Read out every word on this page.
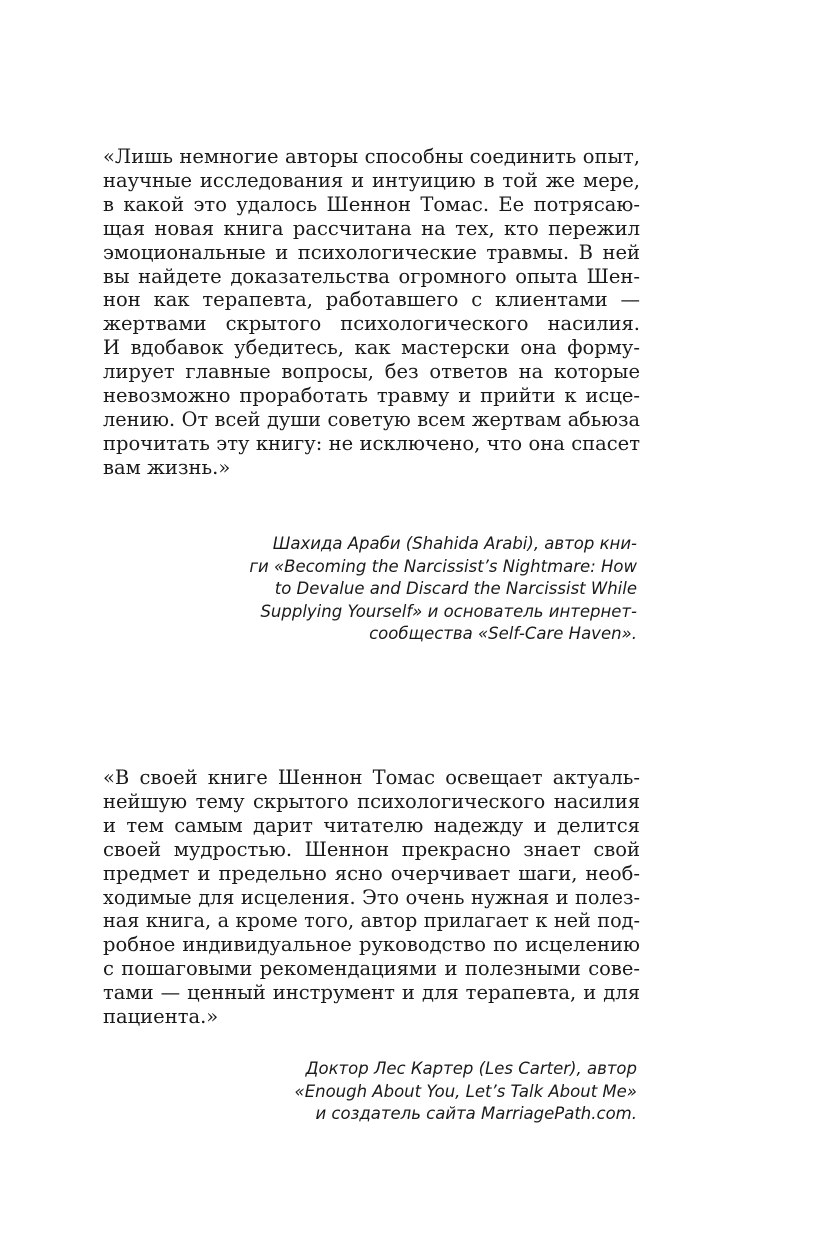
«Лишь немногие авторы способны соединить опыт,
научные исследования и интуицию в той же мере,
в какой это удалось Шеннон Томас. Ее потрясаю-
щая новая книга рассчитана на тех, кто пережил
эмоциональные и психологические травмы. В ней
вы найдете доказательства огромного опыта Шен-
нон как терапевта, работавшего с клиентами —
жертвами скрытого психологического насилия.
И вдобавок убедитесь, как мастерски она форму-
лирует главные вопросы, без ответов на которые
невозможно проработать травму и прийти к исце-
лению. От всей души советую всем жертвам абьюза
прочитать эту книгу: не исключено, что она спасет
вам жизнь.»
Шахида Араби (Shahida Arabi), автор кни-
ги «Becoming the Narcissist’s Nightmare: How
to Devalue and Discard the Narcissist While
Supplying Yourself» и основатель интернет-
сообщества «Self-Care Haven».
«В своей книге Шеннон Томас освещает актуаль-
нейшую тему скрытого психологического насилия
и тем самым дарит читателю надежду и делится
своей мудростью. Шеннон прекрасно знает свой
предмет и предельно ясно очерчивает шаги, необ-
ходимые для исцеления. Это очень нужная и полез-
ная книга, а кроме того, автор прилагает к ней под-
робное индивидуальное руководство по исцелению
с пошаговыми рекомендациями и полезными сове-
тами — ценный инструмент и для терапевта, и для
пациента.»
Доктор Лес Картер (Les Carter), автор
«Enough About You, Let’s Talk About Me»
и создатель сайта MarriagePath.com.
